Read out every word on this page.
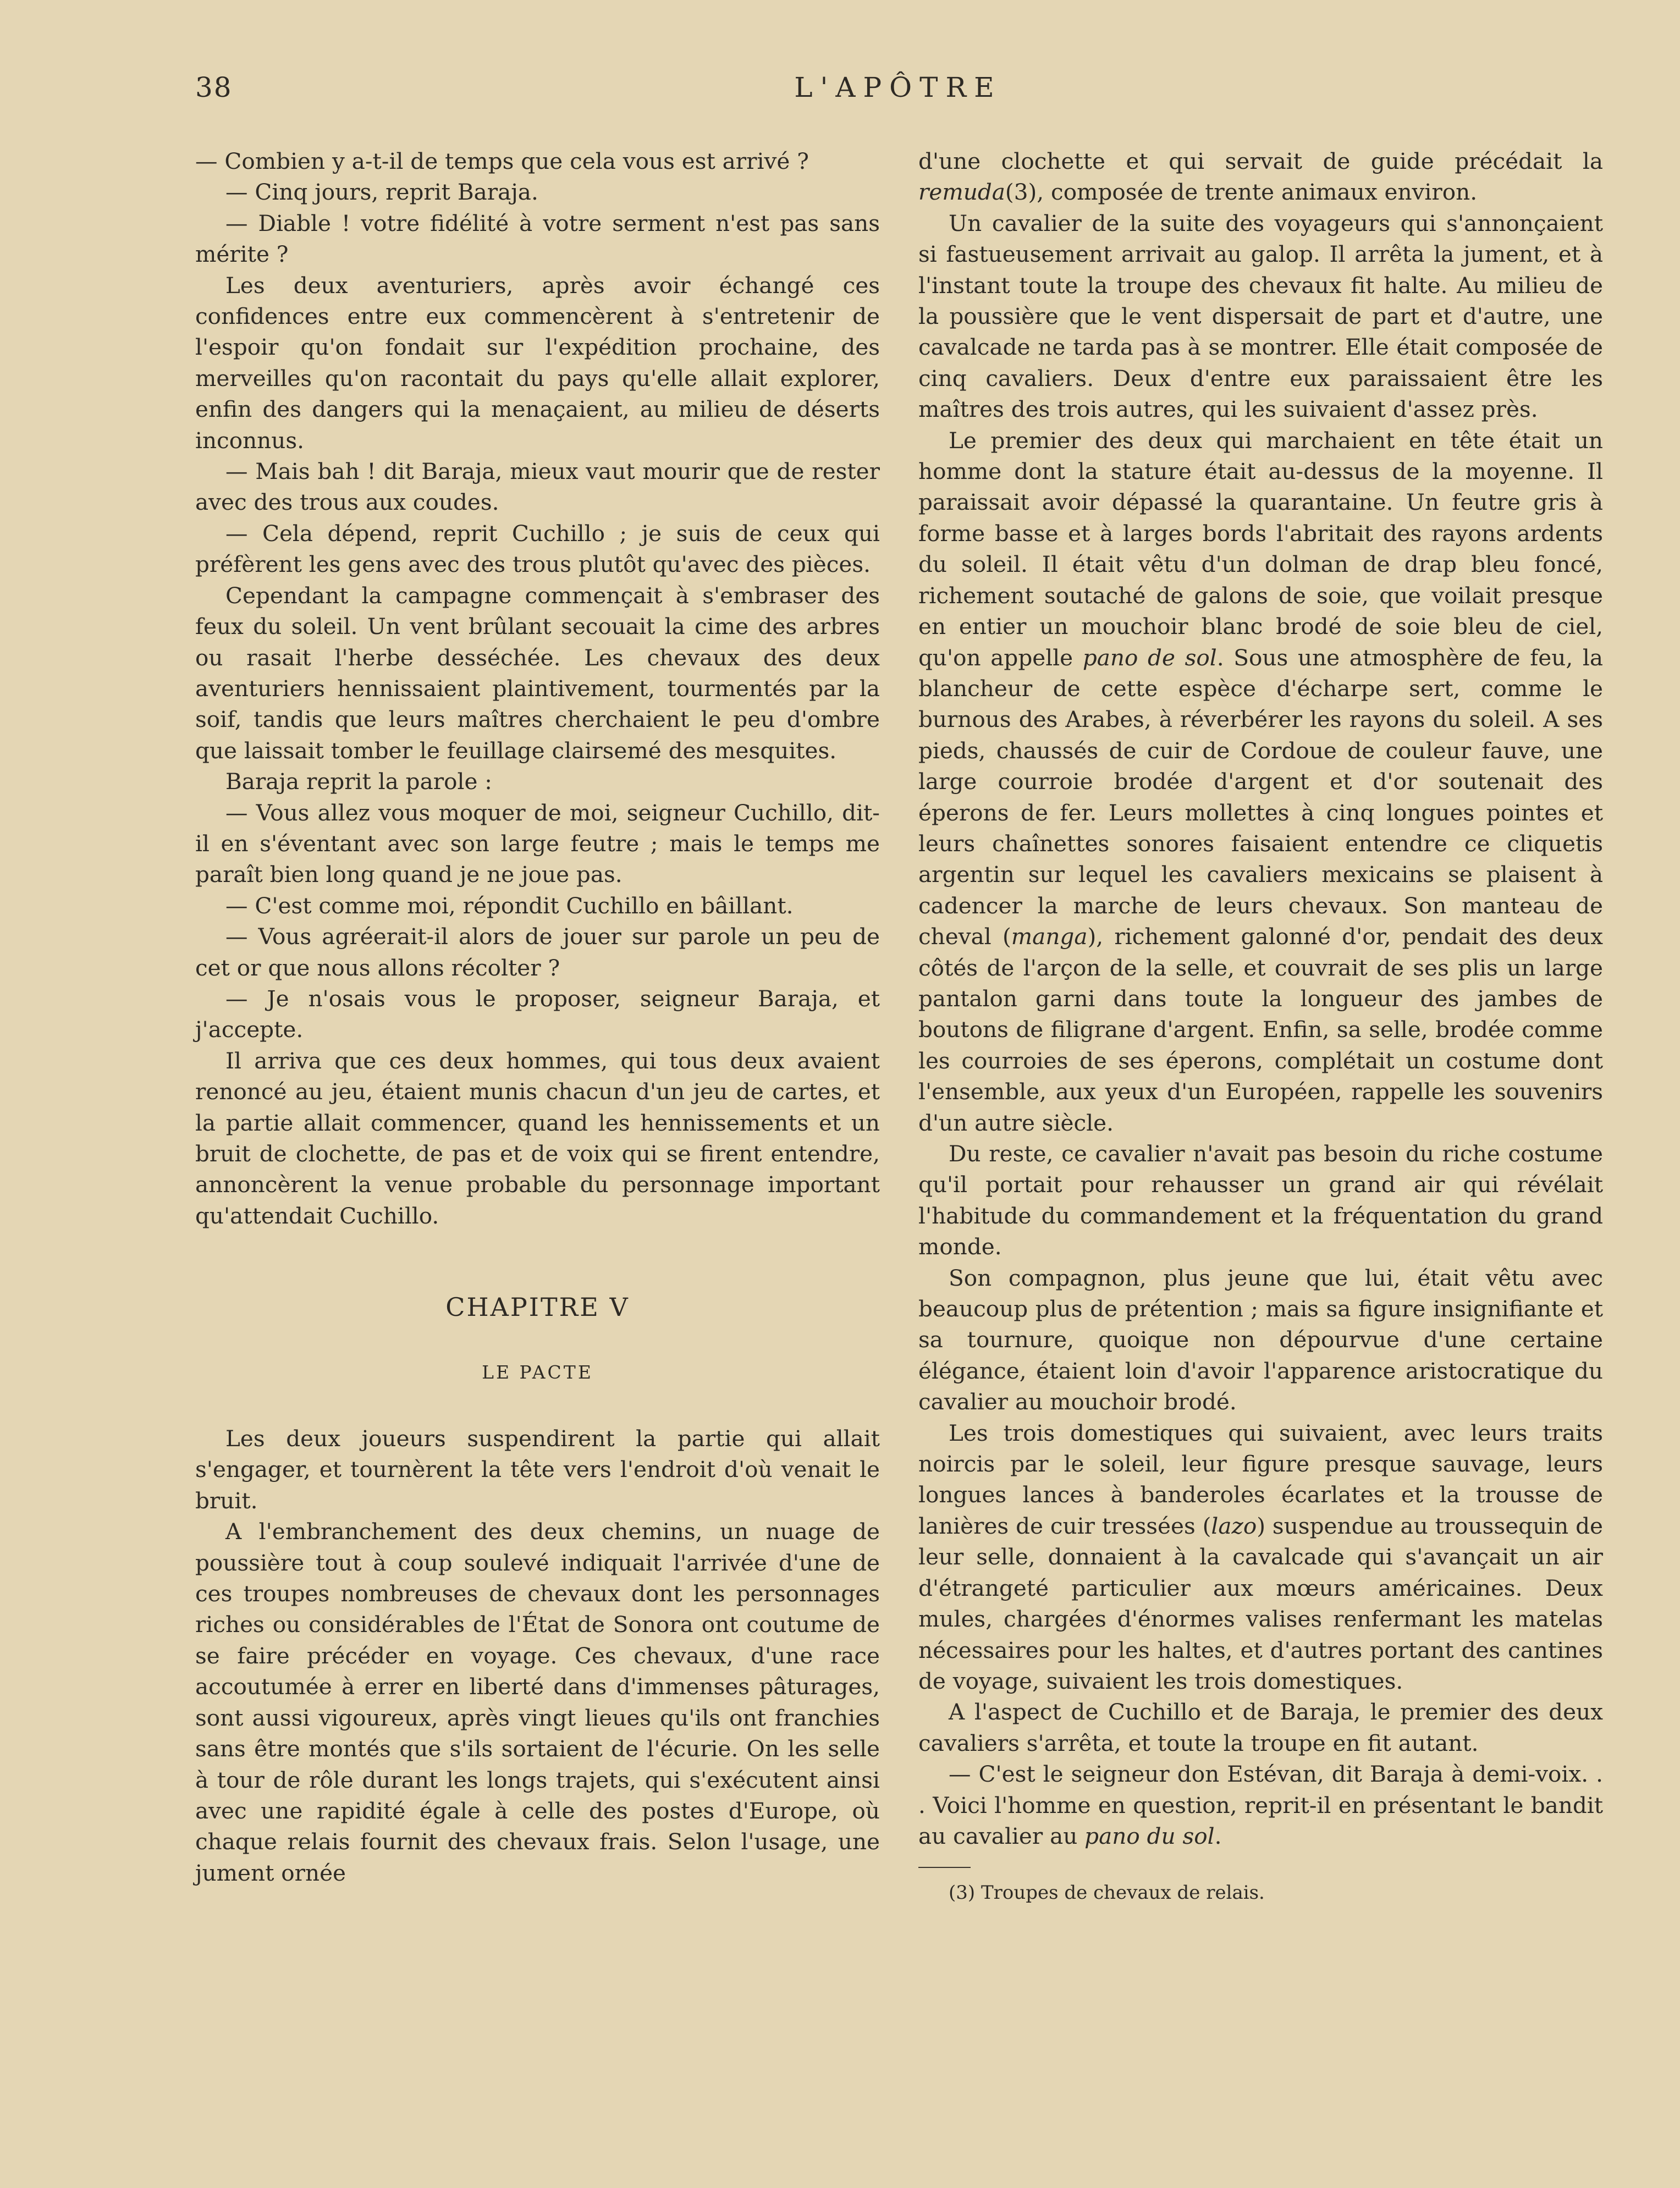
38	L'APÔTRE

— Combien y a-t-il de temps que cela vous est arrivé ?

— Cinq jours, reprit Baraja.

— Diable ! votre fidélité à votre serment n'est pas sans mérite ?

Les deux aventuriers, après avoir échangé ces confidences entre eux commencèrent à s'entretenir de l'espoir qu'on fondait sur l'expédition prochaine, des merveilles qu'on racontait du pays qu'elle allait explorer, enfin des dangers qui la menaçaient, au milieu de déserts inconnus.

— Mais bah ! dit Baraja, mieux vaut mourir que de rester avec des trous aux coudes.

— Cela dépend, reprit Cuchillo ; je suis de ceux qui préfèrent les gens avec des trous plutôt qu'avec des pièces.

Cependant la campagne commençait à s'embraser des feux du soleil. Un vent brûlant secouait la cime des arbres ou rasait l'herbe desséchée. Les chevaux des deux aventuriers hennissaient plaintivement, tourmentés par la soif, tandis que leurs maîtres cherchaient le peu d'ombre que laissait tomber le feuillage clairsemé des mesquites.

Baraja reprit la parole :

— Vous allez vous moquer de moi, seigneur Cuchillo, dit-il en s'éventant avec son large feutre ; mais le temps me paraît bien long quand je ne joue pas.

— C'est comme moi, répondit Cuchillo en bâillant.

— Vous agréerait-il alors de jouer sur parole un peu de cet or que nous allons récolter ?

— Je n'osais vous le proposer, seigneur Baraja, et j'accepte.

Il arriva que ces deux hommes, qui tous deux avaient renoncé au jeu, étaient munis chacun d'un jeu de cartes, et la partie allait commencer, quand les hennissements et un bruit de clochette, de pas et de voix qui se firent entendre, annoncèrent la venue probable du personnage important qu'attendait Cuchillo.

CHAPITRE V
LE PACTE

Les deux joueurs suspendirent la partie qui allait s'engager, et tournèrent la tête vers l'endroit d'où venait le bruit.

A l'embranchement des deux chemins, un nuage de poussière tout à coup soulevé indiquait l'arrivée d'une de ces troupes nombreuses de chevaux dont les personnages riches ou considérables de l'État de Sonora ont coutume de se faire précéder en voyage. Ces chevaux, d'une race accoutumée à errer en liberté dans d'immenses pâturages, sont aussi vigoureux, après vingt lieues qu'ils ont franchies sans être montés que s'ils sortaient de l'écurie. On les selle à tour de rôle durant les longs trajets, qui s'exécutent ainsi avec une rapidité égale à celle des postes d'Europe, où chaque relais fournit des chevaux frais. Selon l'usage, une jument ornée

d'une clochette et qui servait de guide précédait la remuda(3), composée de trente animaux environ.

Un cavalier de la suite des voyageurs qui s'annonçaient si fastueusement arrivait au galop. Il arrêta la jument, et à l'instant toute la troupe des chevaux fit halte. Au milieu de la poussière que le vent dispersait de part et d'autre, une cavalcade ne tarda pas à se montrer. Elle était composée de cinq cavaliers. Deux d'entre eux paraissaient être les maîtres des trois autres, qui les suivaient d'assez près.

Le premier des deux qui marchaient en tête était un homme dont la stature était au-dessus de la moyenne. Il paraissait avoir dépassé la quarantaine. Un feutre gris à forme basse et à larges bords l'abritait des rayons ardents du soleil. Il était vêtu d'un dolman de drap bleu foncé, richement soutaché de galons de soie, que voilait presque en entier un mouchoir blanc brodé de soie bleu de ciel, qu'on appelle pano de sol. Sous une atmosphère de feu, la blancheur de cette espèce d'écharpe sert, comme le burnous des Arabes, à réverbérer les rayons du soleil. A ses pieds, chaussés de cuir de Cordoue de couleur fauve, une large courroie brodée d'argent et d'or soutenait des éperons de fer. Leurs mollettes à cinq longues pointes et leurs chaînettes sonores faisaient entendre ce cliquetis argentin sur lequel les cavaliers mexicains se plaisent à cadencer la marche de leurs chevaux. Son manteau de cheval (manga), richement galonné d'or, pendait des deux côtés de l'arçon de la selle, et couvrait de ses plis un large pantalon garni dans toute la longueur des jambes de boutons de filigrane d'argent. Enfin, sa selle, brodée comme les courroies de ses éperons, complétait un costume dont l'ensemble, aux yeux d'un Européen, rappelle les souvenirs d'un autre siècle.

Du reste, ce cavalier n'avait pas besoin du riche costume qu'il portait pour rehausser un grand air qui révélait l'habitude du commandement et la fréquentation du grand monde.

Son compagnon, plus jeune que lui, était vêtu avec beaucoup plus de prétention ; mais sa figure insignifiante et sa tournure, quoique non dépourvue d'une certaine élégance, étaient loin d'avoir l'apparence aristocratique du cavalier au mouchoir brodé.

Les trois domestiques qui suivaient, avec leurs traits noircis par le soleil, leur figure presque sauvage, leurs longues lances à banderoles écarlates et la trousse de lanières de cuir tressées (lazo) suspendue au troussequin de leur selle, donnaient à la cavalcade qui s'avançait un air d'étrangeté particulier aux mœurs américaines. Deux mules, chargées d'énormes valises renfermant les matelas nécessaires pour les haltes, et d'autres portant des cantines de voyage, suivaient les trois domestiques.

A l'aspect de Cuchillo et de Baraja, le premier des deux cavaliers s'arrêta, et toute la troupe en fit autant.

— C'est le seigneur don Estévan, dit Baraja à demi-voix. . . Voici l'homme en question, reprit-il en présentant le bandit au cavalier au pano du sol.

(3) Troupes de chevaux de relais.
